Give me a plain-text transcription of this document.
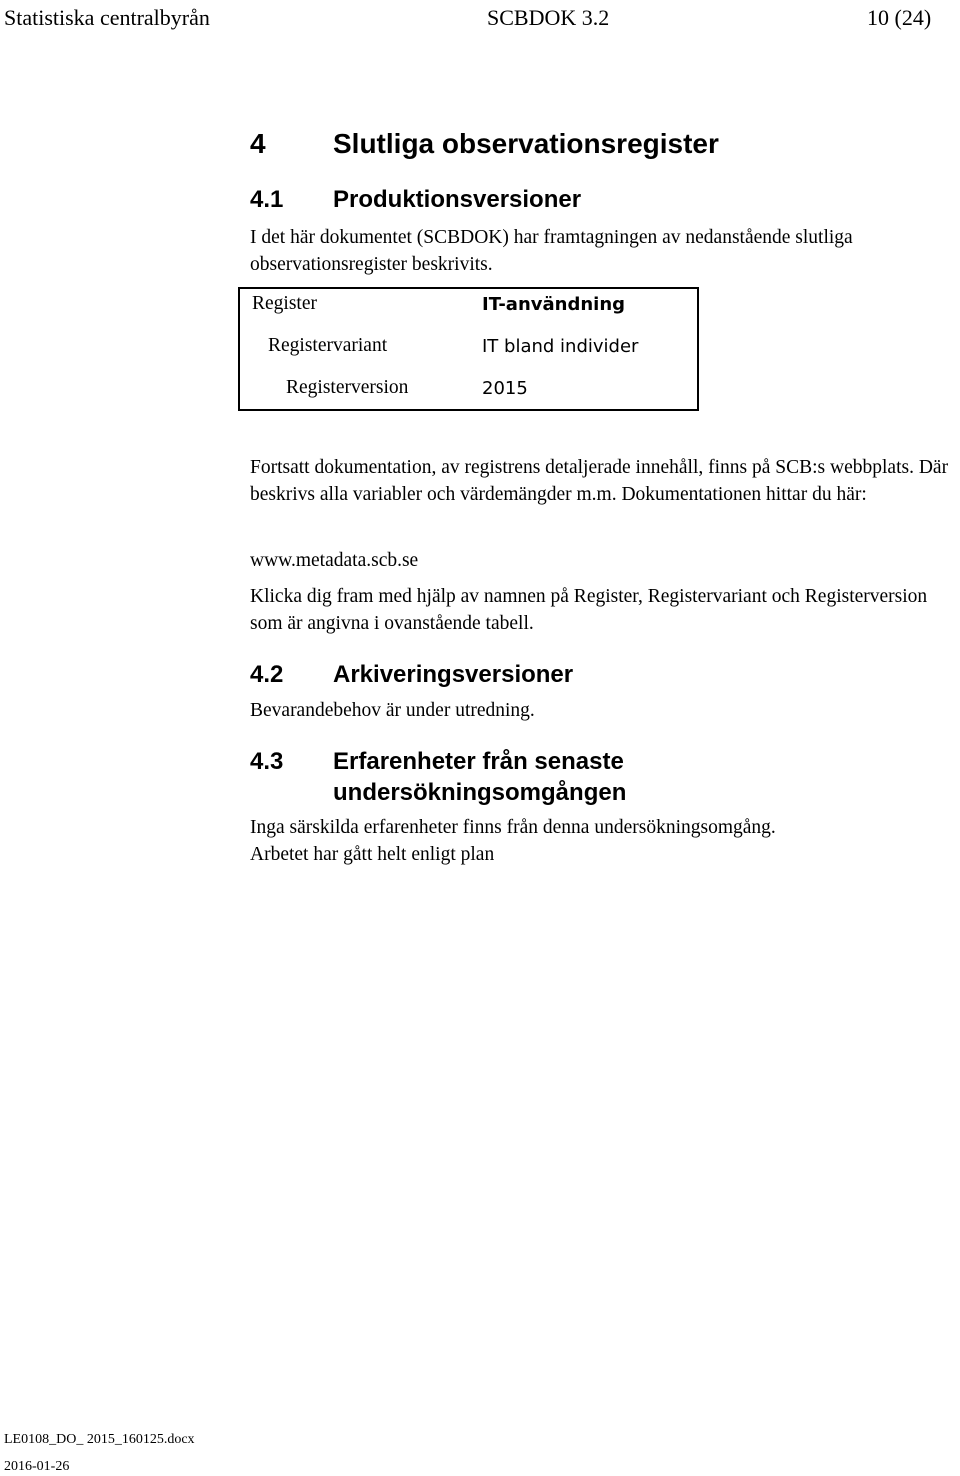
Statistiska centralbyrån	SCBDOK 3.2	10 (24)
4 Slutliga observationsregister
4.1 Produktionsversioner
I det här dokumentet (SCBDOK) har framtagningen av nedanstående slutliga observationsregister beskrivits.
Register	IT-användning
Registervariant	IT bland individer
Registerversion	2015
Fortsatt dokumentation, av registrens detaljerade innehåll, finns på SCB:s webbplats. Där beskrivs alla variabler och värdemängder m.m. Dokumentationen hittar du här:
www.metadata.scb.se
Klicka dig fram med hjälp av namnen på Register, Registervariant och Registerversion som är angivna i ovanstående tabell.
4.2 Arkiveringsversioner
Bevarandebehov är under utredning.
4.3 Erfarenheter från senaste
undersökningsomgången
Inga särskilda erfarenheter finns från denna undersökningsomgång.
Arbetet har gått helt enligt plan
LE0108_DO_ 2015_160125.docx
2016-01-26
